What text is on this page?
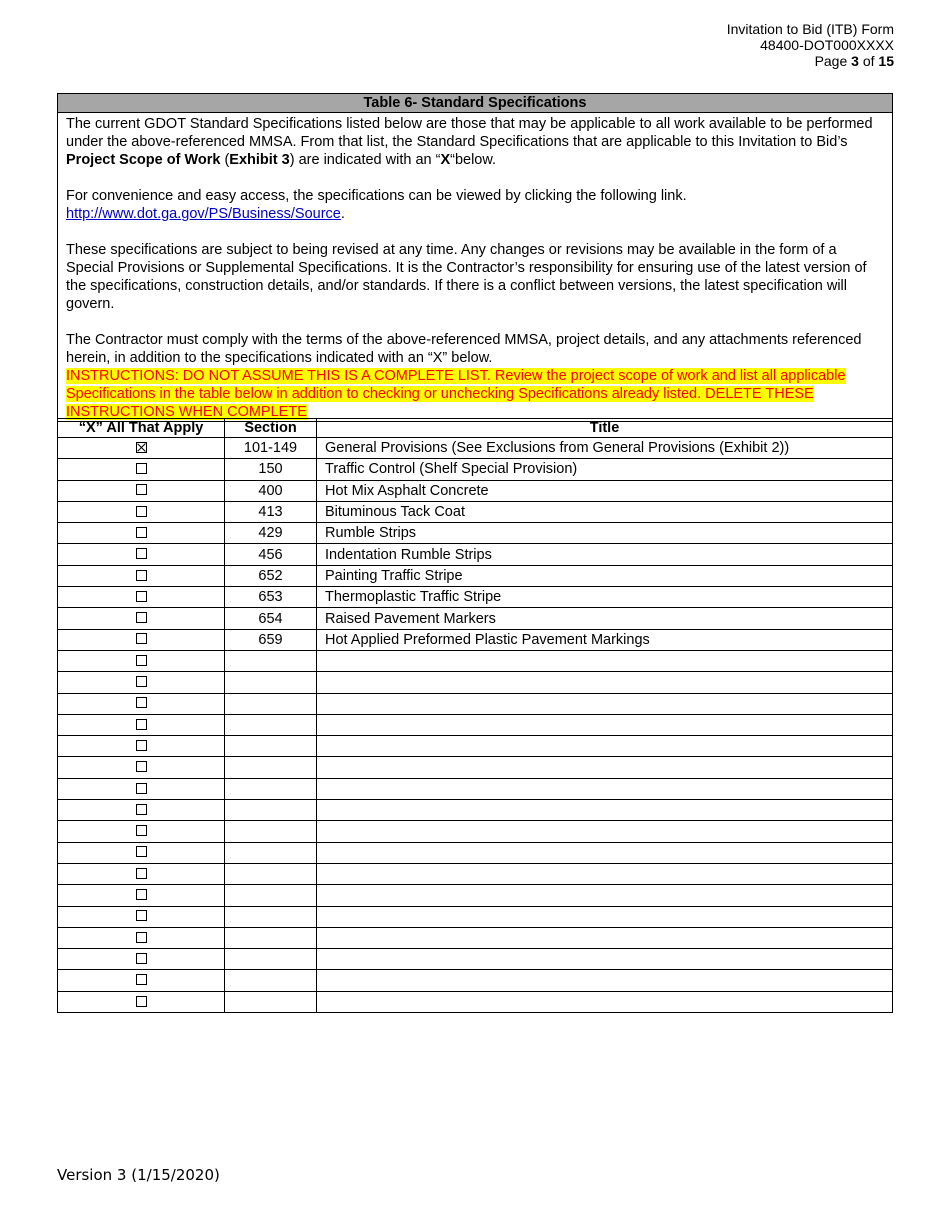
Invitation to Bid (ITB) Form
48400-DOT000XXXX
Page 3 of 15
Table 6- Standard Specifications

The current GDOT Standard Specifications listed below are those that may be applicable to all work available to be performed under the above-referenced MMSA. From that list, the Standard Specifications that are applicable to this Invitation to Bid’s Project Scope of Work (Exhibit 3) are indicated with an “X“below.

For convenience and easy access, the specifications can be viewed by clicking the following link.

http://www.dot.ga.gov/PS/Business/Source.

These specifications are subject to being revised at any time. Any changes or revisions may be available in the form of a Special Provisions or Supplemental Specifications. It is the Contractor’s responsibility for ensuring use of the latest version of the specifications, construction details, and/or standards. If there is a conflict between versions, the latest specification will govern.

The Contractor must comply with the terms of the above-referenced MMSA, project details, and any attachments referenced herein, in addition to the specifications indicated with an “X” below.

INSTRUCTIONS: DO NOT ASSUME THIS IS A COMPLETE LIST. Review the project scope of work and list all applicable Specifications in the table below in addition to checking or unchecking Specifications already listed. DELETE THESE INSTRUCTIONS WHEN COMPLETE

“X” All That Apply	Section	Title
	101-149	General Provisions (See Exclusions from General Provisions (Exhibit 2))
	150	Traffic Control (Shelf Special Provision)
	400	Hot Mix Asphalt Concrete
	413	Bituminous Tack Coat
	429	Rumble Strips
	456	Indentation Rumble Strips
	652	Painting Traffic Stripe
	653	Thermoplastic Traffic Stripe
	654	Raised Pavement Markers
	659	Hot Applied Preformed Plastic Pavement Markings

Version 3 (1/15/2020)
